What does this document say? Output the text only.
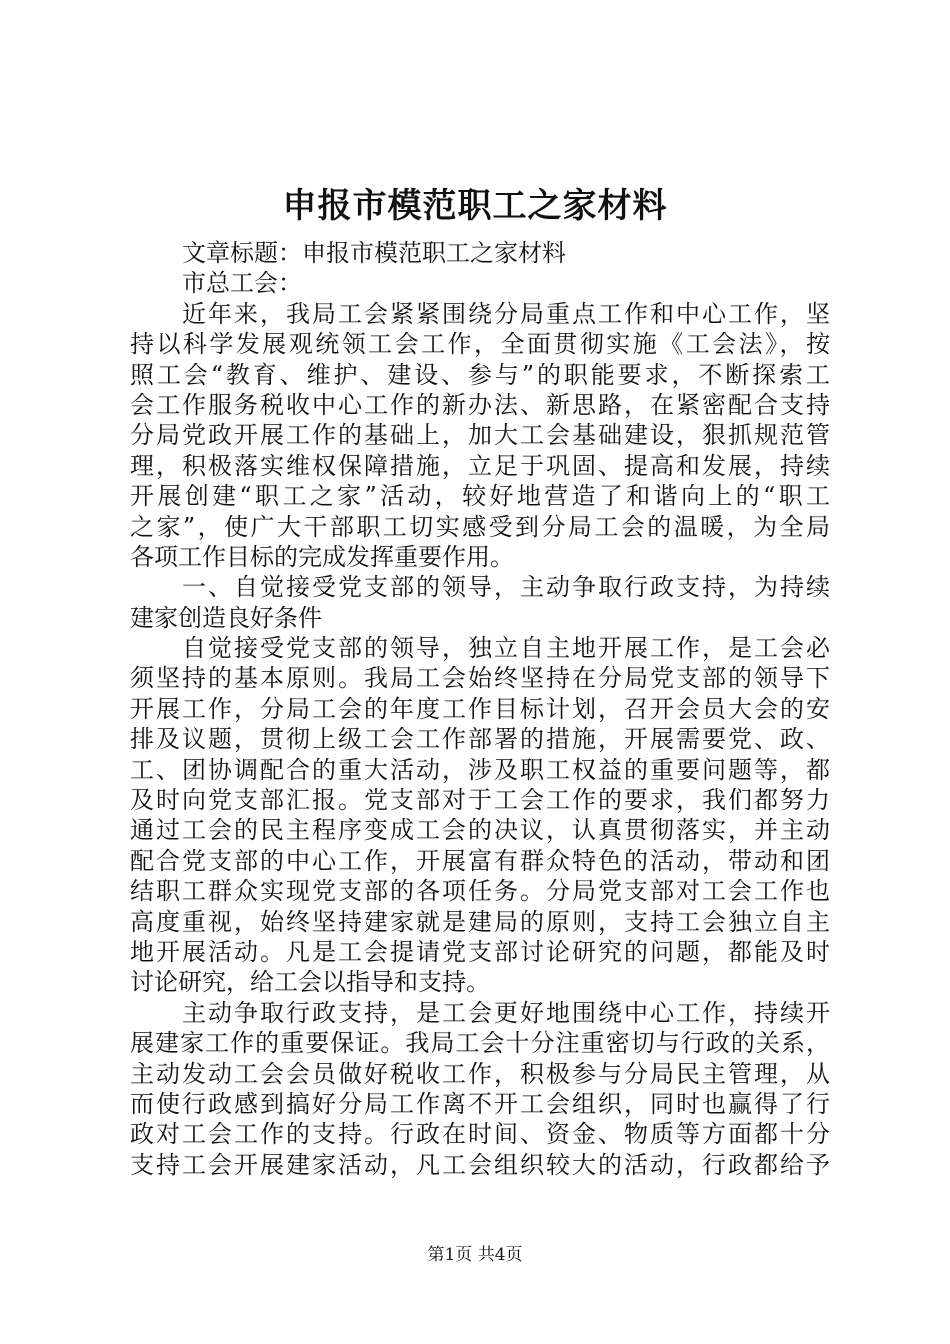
申报市模范职工之家材料
文章标题：申报市模范职工之家材料
市总工会：
近年来，我局工会紧紧围绕分局重点工作和中心工作，坚
持以科学发展观统领工会工作，全面贯彻实施《工会法》，按
照工会“教育、维护、建设、参与”的职能要求，不断探索工
会工作服务税收中心工作的新办法、新思路，在紧密配合支持
分局党政开展工作的基础上，加大工会基础建设，狠抓规范管
理，积极落实维权保障措施，立足于巩固、提高和发展，持续
开展创建“职工之家”活动，较好地营造了和谐向上的“职工
之家”，使广大干部职工切实感受到分局工会的温暖，为全局
各项工作目标的完成发挥重要作用。
一、自觉接受党支部的领导，主动争取行政支持，为持续
建家创造良好条件
自觉接受党支部的领导，独立自主地开展工作，是工会必
须坚持的基本原则。我局工会始终坚持在分局党支部的领导下
开展工作，分局工会的年度工作目标计划，召开会员大会的安
排及议题，贯彻上级工会工作部署的措施，开展需要党、政、
工、团协调配合的重大活动，涉及职工权益的重要问题等，都
及时向党支部汇报。党支部对于工会工作的要求，我们都努力
通过工会的民主程序变成工会的决议，认真贯彻落实，并主动
配合党支部的中心工作，开展富有群众特色的活动，带动和团
结职工群众实现党支部的各项任务。分局党支部对工会工作也
高度重视，始终坚持建家就是建局的原则，支持工会独立自主
地开展活动。凡是工会提请党支部讨论研究的问题，都能及时
讨论研究，给工会以指导和支持。
主动争取行政支持，是工会更好地围绕中心工作，持续开
展建家工作的重要保证。我局工会十分注重密切与行政的关系，
主动发动工会会员做好税收工作，积极参与分局民主管理，从
而使行政感到搞好分局工作离不开工会组织，同时也赢得了行
政对工会工作的支持。行政在时间、资金、物质等方面都十分
支持工会开展建家活动，凡工会组织较大的活动，行政都给予
第1页 共4页
